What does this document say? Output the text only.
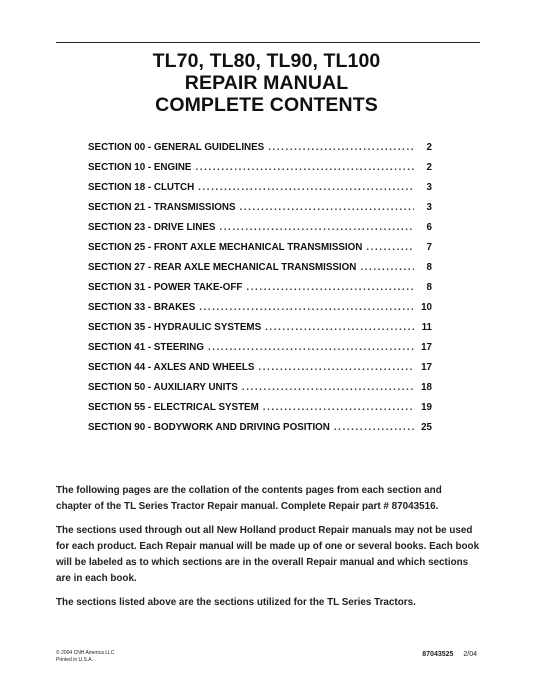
TL70, TL80, TL90, TL100
REPAIR MANUAL
COMPLETE CONTENTS
SECTION 00 - GENERAL GUIDELINES .....	2
SECTION 10 - ENGINE .....	2
SECTION 18 - CLUTCH .....	3
SECTION 21 - TRANSMISSIONS .....	3
SECTION 23 - DRIVE LINES .....	6
SECTION 25 - FRONT AXLE MECHANICAL TRANSMISSION .....	7
SECTION 27 - REAR AXLE MECHANICAL TRANSMISSION .....	8
SECTION 31 - POWER TAKE-OFF .....	8
SECTION 33 - BRAKES .....	10
SECTION 35 - HYDRAULIC SYSTEMS .....	11
SECTION 41 - STEERING .....	17
SECTION 44 - AXLES AND WHEELS .....	17
SECTION 50 - AUXILIARY UNITS .....	18
SECTION 55 - ELECTRICAL SYSTEM .....	19
SECTION 90 - BODYWORK AND DRIVING POSITION .....	25

The following pages are the collation of the contents pages from each section and chapter of the TL Series Tractor Repair manual. Complete Repair part # 87043516.

The sections used through out all New Holland product Repair manuals may not be used for each product. Each Repair manual will be made up of one or several books. Each book will be labeled as to which sections are in the overall Repair manual and which sections are in each book.

The sections listed above are the sections utilized for the TL Series Tractors.

© 2004 CNH America LLC
Printed in U.S.A.
87043525 2/04
